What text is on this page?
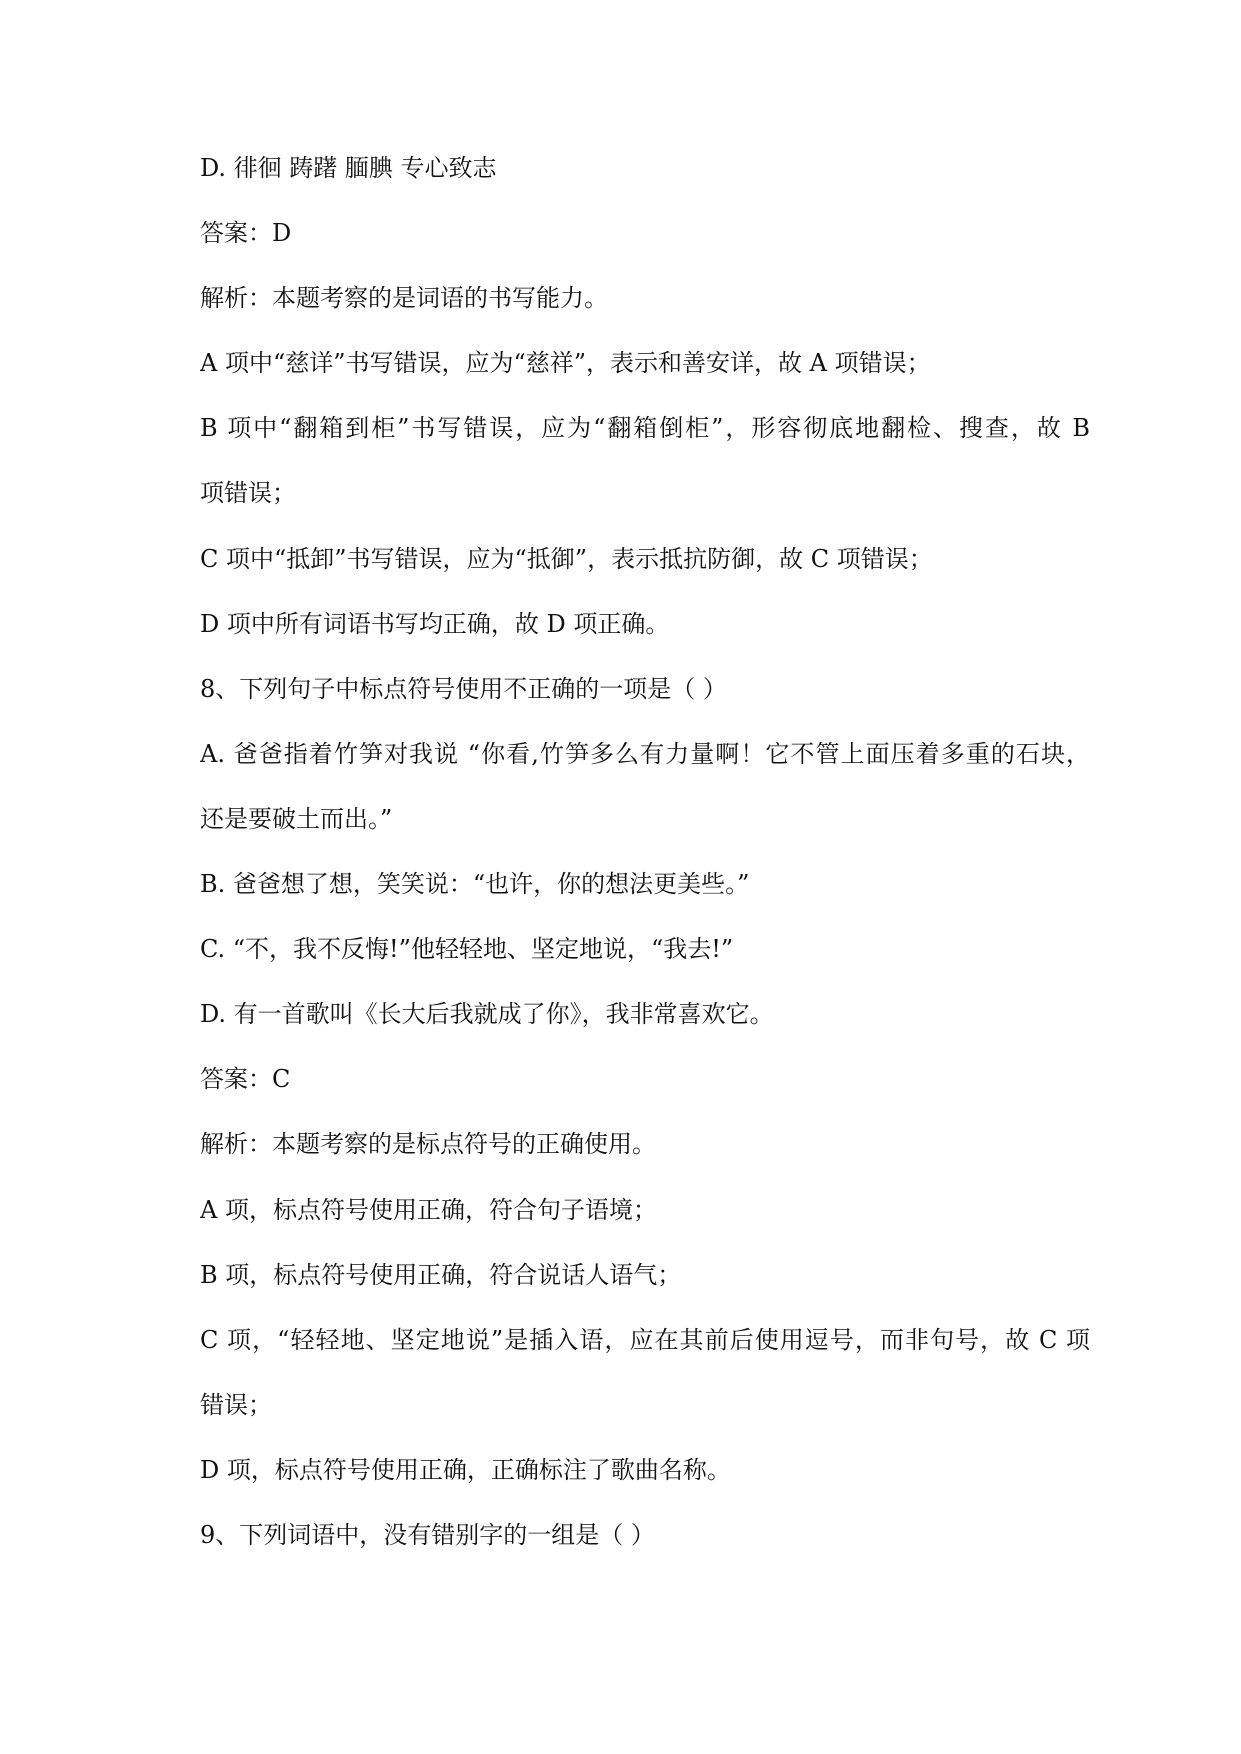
D. 徘徊 踌躇 腼腆 专心致志
答案：D
解析：本题考察的是词语的书写能力。
A 项中“慈详”书写错误，应为“慈祥”，表示和善安详，故 A 项错误；
B 项中“翻箱到柜”书写错误，应为“翻箱倒柜”，形容彻底地翻检、搜查，故 B
项错误；
C 项中“抵卸”书写错误，应为“抵御”，表示抵抗防御，故 C 项错误；
D 项中所有词语书写均正确，故 D 项正确。
8、下列句子中标点符号使用不正确的一项是（ ）
A. 爸爸指着竹笋对我说 “你看,竹笋多么有力量啊！它不管上面压着多重的石块，
还是要破土而出。”
B. 爸爸想了想，笑笑说：“也许，你的想法更美些。”
C. “不，我不反悔!”他轻轻地、坚定地说，“我去!”
D. 有一首歌叫《长大后我就成了你》，我非常喜欢它。
答案：C
解析：本题考察的是标点符号的正确使用。
A 项，标点符号使用正确，符合句子语境；
B 项，标点符号使用正确，符合说话人语气；
C 项，“轻轻地、坚定地说”是插入语，应在其前后使用逗号，而非句号，故 C 项
错误；
D 项，标点符号使用正确，正确标注了歌曲名称。
9、下列词语中，没有错别字的一组是（ ）
